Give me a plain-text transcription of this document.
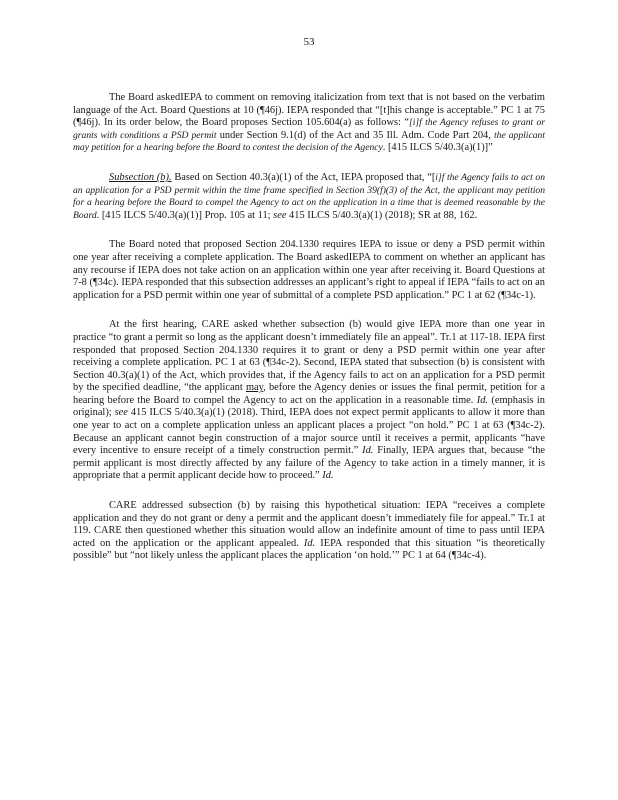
53

The Board askedIEPA to comment on removing italicization from text that is not based on the verbatim language of the Act. Board Questions at 10 (¶46j). IEPA responded that “[t]his change is acceptable.” PC 1 at 75 (¶46j). In its order below, the Board proposes Section 105.604(a) as follows: “[i]f the Agency refuses to grant or grants with conditions a PSD permit under Section 9.1(d) of the Act and 35 Ill. Adm. Code Part 204, the applicant may petition for a hearing before the Board to contest the decision of the Agency. [415 ILCS 5/40.3(a)(1)]”

Subsection (b). Based on Section 40.3(a)(1) of the Act, IEPA proposed that, “[i]f the Agency fails to act on an application for a PSD permit within the time frame specified in Section 39(f)(3) of the Act, the applicant may petition for a hearing before the Board to compel the Agency to act on the application in a time that is deemed reasonable by the Board. [415 ILCS 5/40.3(a)(1)] Prop. 105 at 11; see 415 ILCS 5/40.3(a)(1) (2018); SR at 88, 162.

The Board noted that proposed Section 204.1330 requires IEPA to issue or deny a PSD permit within one year after receiving a complete application. The Board askedIEPA to comment on whether an applicant has any recourse if IEPA does not take action on an application within one year after receiving it. Board Questions at 7-8 (¶34c). IEPA responded that this subsection addresses an applicant’s right to appeal if IEPA “fails to act on an application for a PSD permit within one year of submittal of a complete PSD application.” PC 1 at 62 (¶34c-1).

At the first hearing, CARE asked whether subsection (b) would give IEPA more than one year in practice “to grant a permit so long as the applicant doesn’t immediately file an appeal”. Tr.1 at 117-18. IEPA first responded that proposed Section 204.1330 requires it to grant or deny a PSD permit within one year after receiving a complete application. PC 1 at 63 (¶34c-2). Second, IEPA stated that subsection (b) is consistent with Section 40.3(a)(1) of the Act, which provides that, if the Agency fails to act on an application for a PSD permit by the specified deadline, “the applicant may, before the Agency denies or issues the final permit, petition for a hearing before the Board to compel the Agency to act on the application in a reasonable time. Id. (emphasis in original); see 415 ILCS 5/40.3(a)(1) (2018). Third, IEPA does not expect permit applicants to allow it more than one year to act on a complete application unless an applicant places a project “on hold.” PC 1 at 63 (¶34c-2). Because an applicant cannot begin construction of a major source until it receives a permit, applicants “have every incentive to ensure receipt of a timely construction permit.” Id. Finally, IEPA argues that, because “the permit applicant is most directly affected by any failure of the Agency to take action in a timely manner, it is appropriate that a permit applicant decide how to proceed.” Id.

CARE addressed subsection (b) by raising this hypothetical situation: IEPA “receives a complete application and they do not grant or deny a permit and the applicant doesn’t immediately file for appeal.” Tr.1 at 119. CARE then questioned whether this situation would allow an indefinite amount of time to pass until IEPA acted on the application or the applicant appealed. Id. IEPA responded that this situation “is theoretically possible” but “not likely unless the applicant places the application ‘on hold.’” PC 1 at 64 (¶34c-4).
